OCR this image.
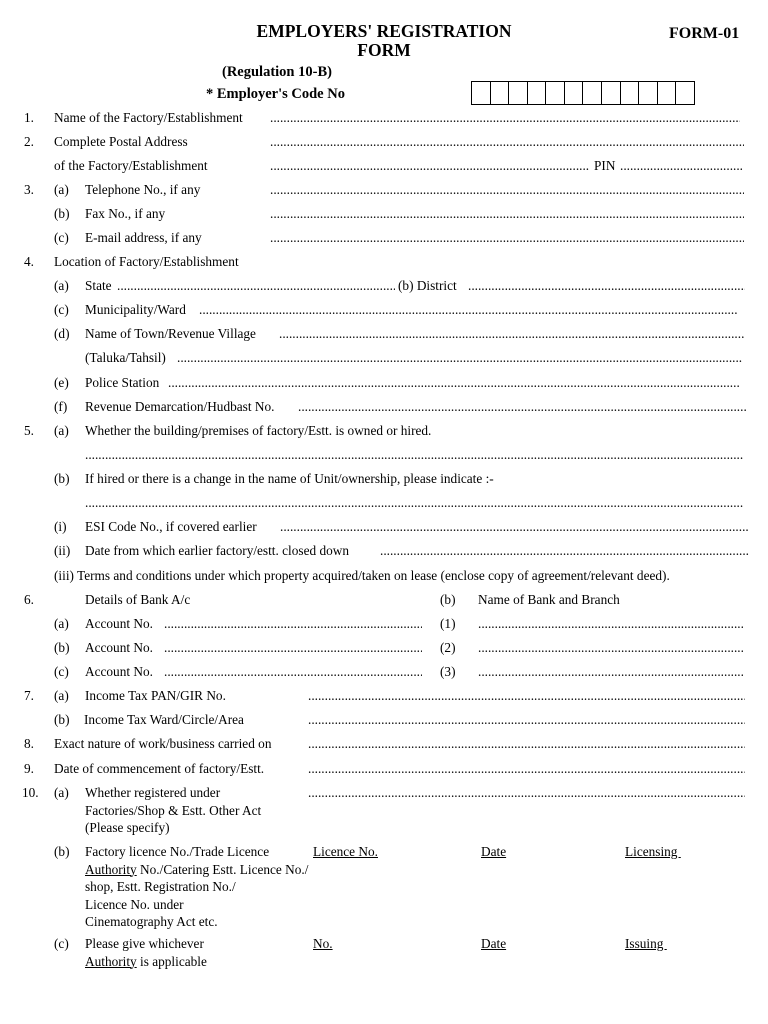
EMPLOYERS' REGISTRATION
FORM
FORM-01
(Regulation 10-B)
* Employer's Code No
1. Name of the Factory/Establishment
.....
2. Complete Postal Address
.....
of the Factory/Establishment .....	PIN
.....
3. (a) Telephone No., if any
.....
(b) Fax No., if any
.....
(c) E-mail address, if any
.....
4. Location of Factory/Establishment
(a) State .....	(b) District
.....
(c) Municipality/Ward
.....
(d) Name of Town/Revenue Village
.....
(Taluka/Tahsil)
.....
(e) Police Station
.....
(f) Revenue Demarcation/Hudbast No.
.....
5. (a) Whether the building/premises of factory/Estt. is owned or hired.
.....
(b) If hired or there is a change in the name of Unit/ownership, please indicate :-
.....
(i) ESI Code No., if covered earlier
.....
(ii) Date from which earlier factory/estt. closed down
.....
(iii) Terms and conditions under which property acquired/taken on lease (enclose copy of agreement/relevant deed).
6.	Details of Bank A/c	(b) Name of Bank and Branch
(a) Account No. .....	(1)
.....
(b) Account No. .....	(2)
.....
(c) Account No. .....	(3)
.....
7. (a) Income Tax PAN/GIR No.
.....
(b) Income Tax Ward/Circle/Area
.....
8. Exact nature of work/business carried on
.....
9. Date of commencement of factory/Estt.
.....
10. (a) Whether registered under
Factories/Shop & Estt. Other Act
(Please specify)
.....
(b) Factory licence No./Trade Licence
Authority No./Catering Estt. Licence No./
shop, Estt. Registration No./
Licence No. under
Cinematography Act etc.
Licence No.	Date	Licensing
(c) Please give whichever
Authority is applicable
No.	Date	Issuing
